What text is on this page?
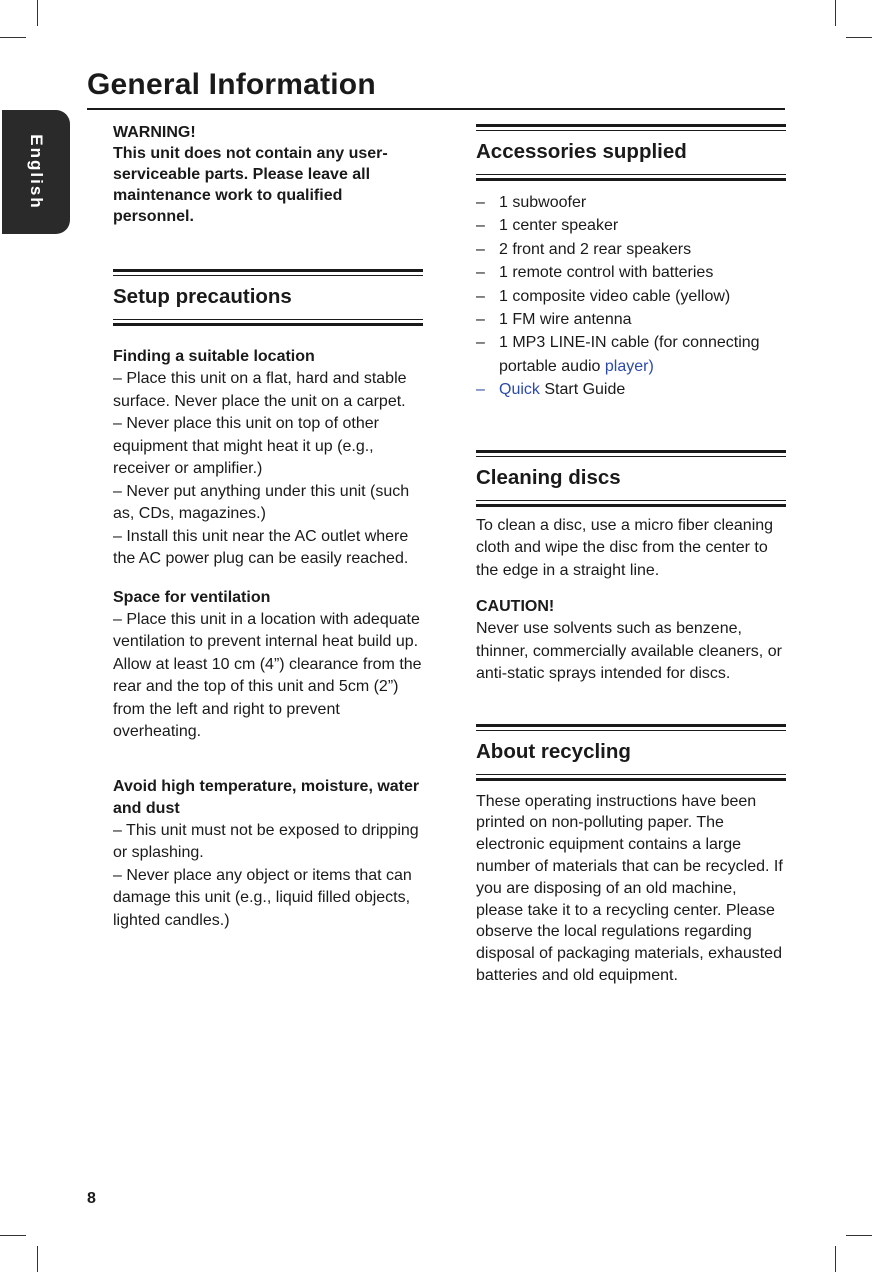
General Information
English
WARNING!
This unit does not contain any user-serviceable parts. Please leave all maintenance work to qualified personnel.
Setup precautions
Finding a suitable location

– Place this unit on a flat, hard and stable surface. Never place the unit on a carpet.

– Never place this unit on top of other equipment that might heat it up (e.g., receiver or amplifier.)

– Never put anything under this unit (such as, CDs, magazines.)

– Install this unit near the AC outlet where the AC power plug can be easily reached.

Space for ventilation

– Place this unit in a location with adequate ventilation to prevent internal heat build up. Allow at least 10 cm (4”) clearance from the rear and the top of this unit and 5cm (2”) from the left and right to prevent overheating.

Avoid high temperature, moisture, water and dust

– This unit must not be exposed to dripping or splashing.

– Never place any object or items that can damage this unit (e.g., liquid filled objects, lighted candles.)

Accessories supplied
– 1 subwoofer
– 1 center speaker
– 2 front and 2 rear speakers
– 1 remote control with batteries
– 1 composite video cable (yellow)
– 1 FM wire antenna
– 1 MP3 LINE-IN cable (for connecting portable audio player)
– Quick Start Guide
Cleaning discs

To clean a disc, use a micro fiber cleaning cloth and wipe the disc from the center to the edge in a straight line.

CAUTION!

Never use solvents such as benzene, thinner, commercially available cleaners, or anti-static sprays intended for discs.

About recycling

These operating instructions have been printed on non-polluting paper. The electronic equipment contains a large number of materials that can be recycled. If you are disposing of an old machine, please take it to a recycling center. Please observe the local regulations regarding disposal of packaging materials, exhausted batteries and old equipment.

8
